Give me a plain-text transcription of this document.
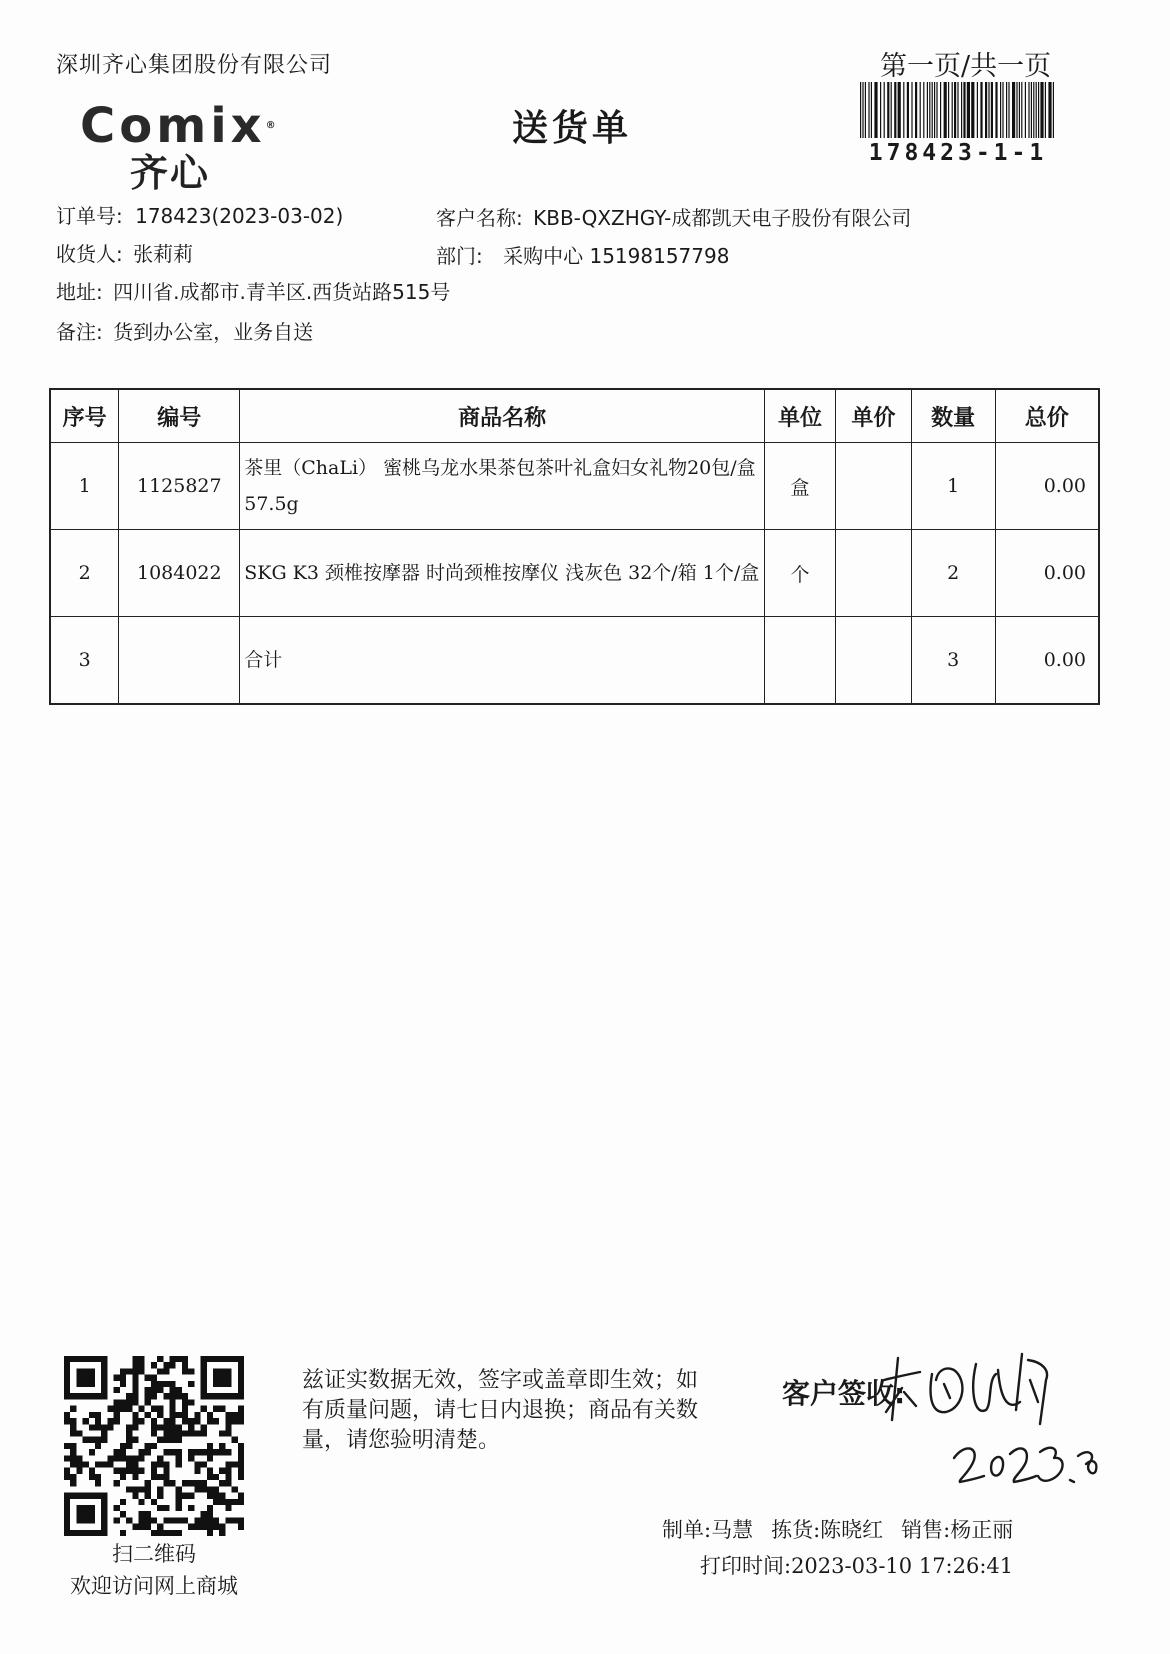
深圳齐心集团股份有限公司
Comix®
齐心
送货单
第一页/共一页
178423-1-1
订单号: 178423(2023-03-02)	客户名称: KBB-QXZHGY-成都凯天电子股份有限公司
收货人: 张莉莉	部门: 采购中心 15198157798
地址: 四川省.成都市.青羊区.西货站路515号
备注: 货到办公室，业务自送
序号	编号	商品名称	单位	单价	数量	总价
1	1125827	茶里（ChaLi） 蜜桃乌龙水果茶包茶叶礼盒妇女礼物20包/盒 57.5g	盒		1	0.00
2	1084022	SKG K3 颈椎按摩器 时尚颈椎按摩仪 浅灰色 32个/箱 1个/盒	个		2	0.00
3		合计			3	0.00
扫二维码
欢迎访问网上商城
兹证实数据无效，签字或盖章即生效；如有质量问题，请七日内退换；商品有关数量，请您验明清楚。
客户签收:
制单:马慧 拣货:陈晓红 销售:杨正丽
打印时间:2023-03-10 17:26:41
